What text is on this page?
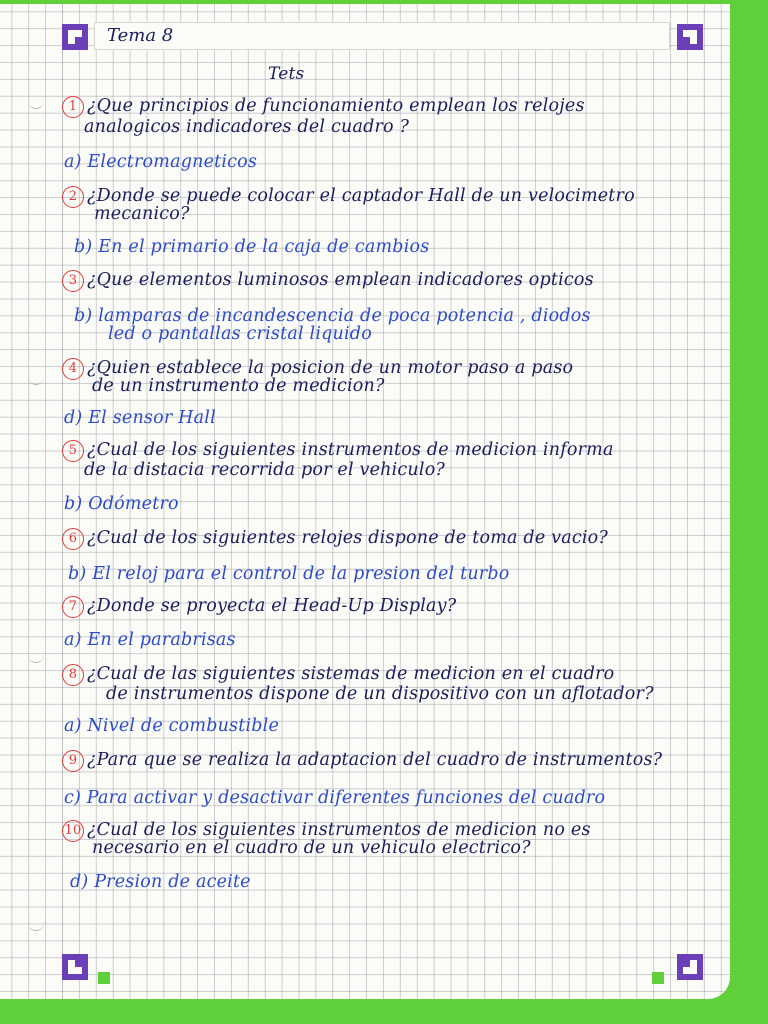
Tema 8
Tets
1 ¿Que principios de funcionamiento emplean los relojes
analogicos indicadores del cuadro ?
a) Electromagneticos
2 ¿Donde se puede colocar el captador Hall de un velocimetro
mecanico?
b) En el primario de la caja de cambios
3 ¿Que elementos luminosos emplean indicadores opticos
b) lamparas de incandescencia de poca potencia , diodos
led o pantallas cristal liquido
4 ¿Quien establece la posicion de un motor paso a paso
de un instrumento de medicion?
d) El sensor Hall
5 ¿Cual de los siguientes instrumentos de medicion informa
de la distacia recorrida por el vehiculo?
b) Odómetro
6 ¿Cual de los siguientes relojes dispone de toma de vacio?
b) El reloj para el control de la presion del turbo
7 ¿Donde se proyecta el Head-Up Display?
a) En el parabrisas
8 ¿Cual de las siguientes sistemas de medicion en el cuadro
de instrumentos dispone de un dispositivo con un aflotador?
a) Nivel de combustible
9 ¿Para que se realiza la adaptacion del cuadro de instrumentos?
c) Para activar y desactivar diferentes funciones del cuadro
10 ¿Cual de los siguientes instrumentos de medicion no es
necesario en el cuadro de un vehiculo electrico?
d) Presion de aceite
